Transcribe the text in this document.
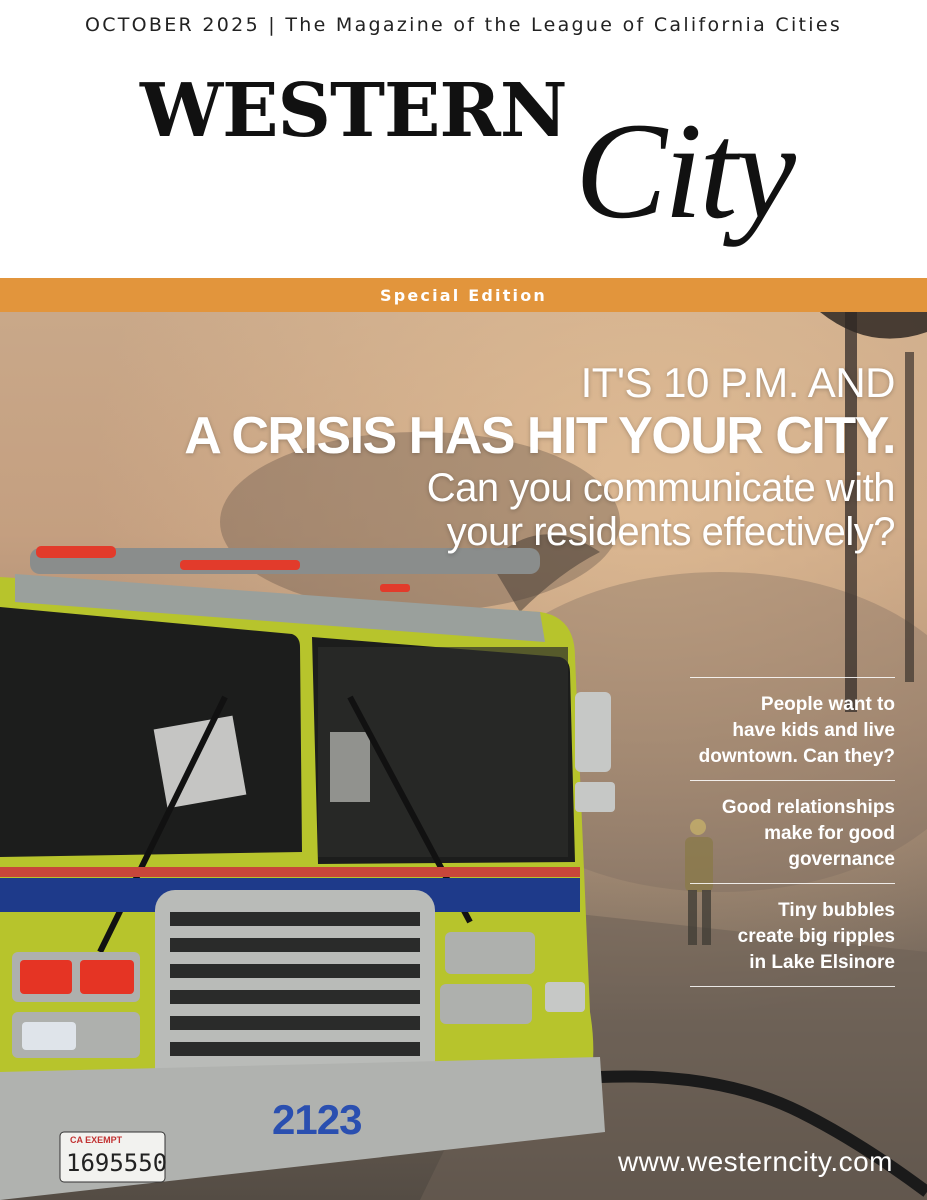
OCTOBER 2025 | The Magazine of the League of California Cities
WESTERN City
Special Edition
2123
CA EXEMPT
1695550
IT'S 10 P.M. AND
A CRISIS HAS HIT YOUR CITY.
Can you communicate with
your residents effectively?
People want to
have kids and live
downtown. Can they?
Good relationships
make for good
governance
Tiny bubbles
create big ripples
in Lake Elsinore
www.westerncity.com
